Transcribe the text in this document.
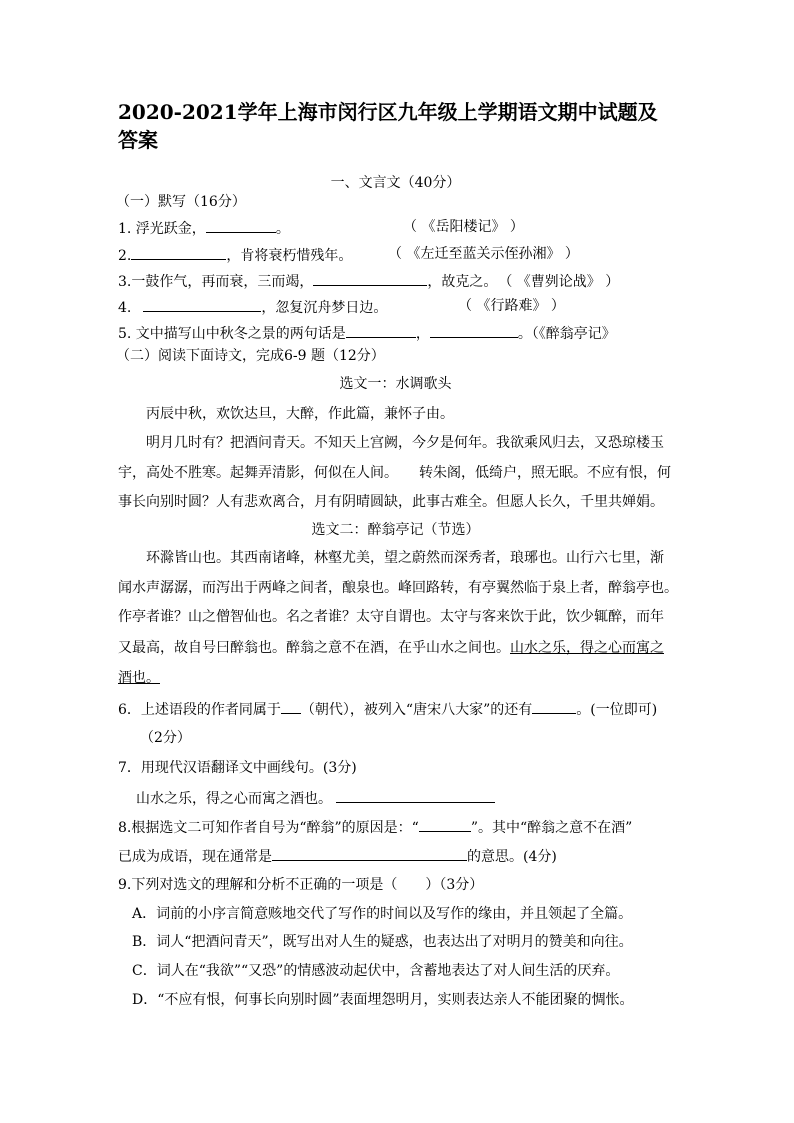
2020-2021学年上海市闵行区九年级上学期语文期中试题及
答案
一、文言文（40分）
（一）默写（16分）
1. 浮光跃金，	。	（ 《岳阳楼记》 ）
2.	，肯将衰朽惜残年。	（ 《左迁至蓝关示侄孙湘》 ）
3.一鼓作气，再而衰，三而竭，	，故克之。 （ 《曹刿论战》 ）
4.	，忽复沉舟梦日边。	（ 《行路难》 ）
5. 文中描写山中秋冬之景的两句话是	，	。（《醉翁亭记》
（二）阅读下面诗文，完成6-9 题（12分）
选文一：水调歌头
丙辰中秋，欢饮达旦，大醉，作此篇，兼怀子由。
明月几时有？把酒问青天。不知天上宫阙，今夕是何年。我欲乘风归去，又恐琼楼玉
宇，高处不胜寒。起舞弄清影，何似在人间。　　转朱阁，低绮户，照无眠。不应有恨，何
事长向别时圆？人有悲欢离合，月有阴晴圆缺，此事古难全。但愿人长久，千里共婵娟。
选文二：醉翁亭记（节选）
环滁皆山也。其西南诸峰，林壑尤美，望之蔚然而深秀者，琅琊也。山行六七里，渐
闻水声潺潺，而泻出于两峰之间者，酿泉也。峰回路转，有亭翼然临于泉上者，醉翁亭也。
作亭者谁？山之僧智仙也。名之者谁？太守自谓也。太守与客来饮于此，饮少辄醉，而年
又最高，故自号曰醉翁也。醉翁之意不在酒，在乎山水之间也。山水之乐，得之心而寓之
酒也。
6．上述语段的作者同属于 （朝代），被列入“唐宋八大家”的还有	。(一位即可)
（2分）
7．用现代汉语翻译文中画线句。(3分)
山水之乐，得之心而寓之酒也。
8.根据选文二可知作者自号为“醉翁”的原因是：“	”。其中“醉翁之意不在酒”
已成为成语，现在通常是	的意思。(4分)
9.下列对选文的理解和分析不正确的一项是（　　）（3分）
A．词前的小序言简意赅地交代了写作的时间以及写作的缘由，并且领起了全篇。
B．词人“把酒问青天”，既写出对人生的疑惑，也表达出了对明月的赞美和向往。
C．词人在“我欲”“又恐”的情感波动起伏中，含蓄地表达了对人间生活的厌弃。
D．“不应有恨，何事长向别时圆”表面埋怨明月，实则表达亲人不能团聚的惆怅。
